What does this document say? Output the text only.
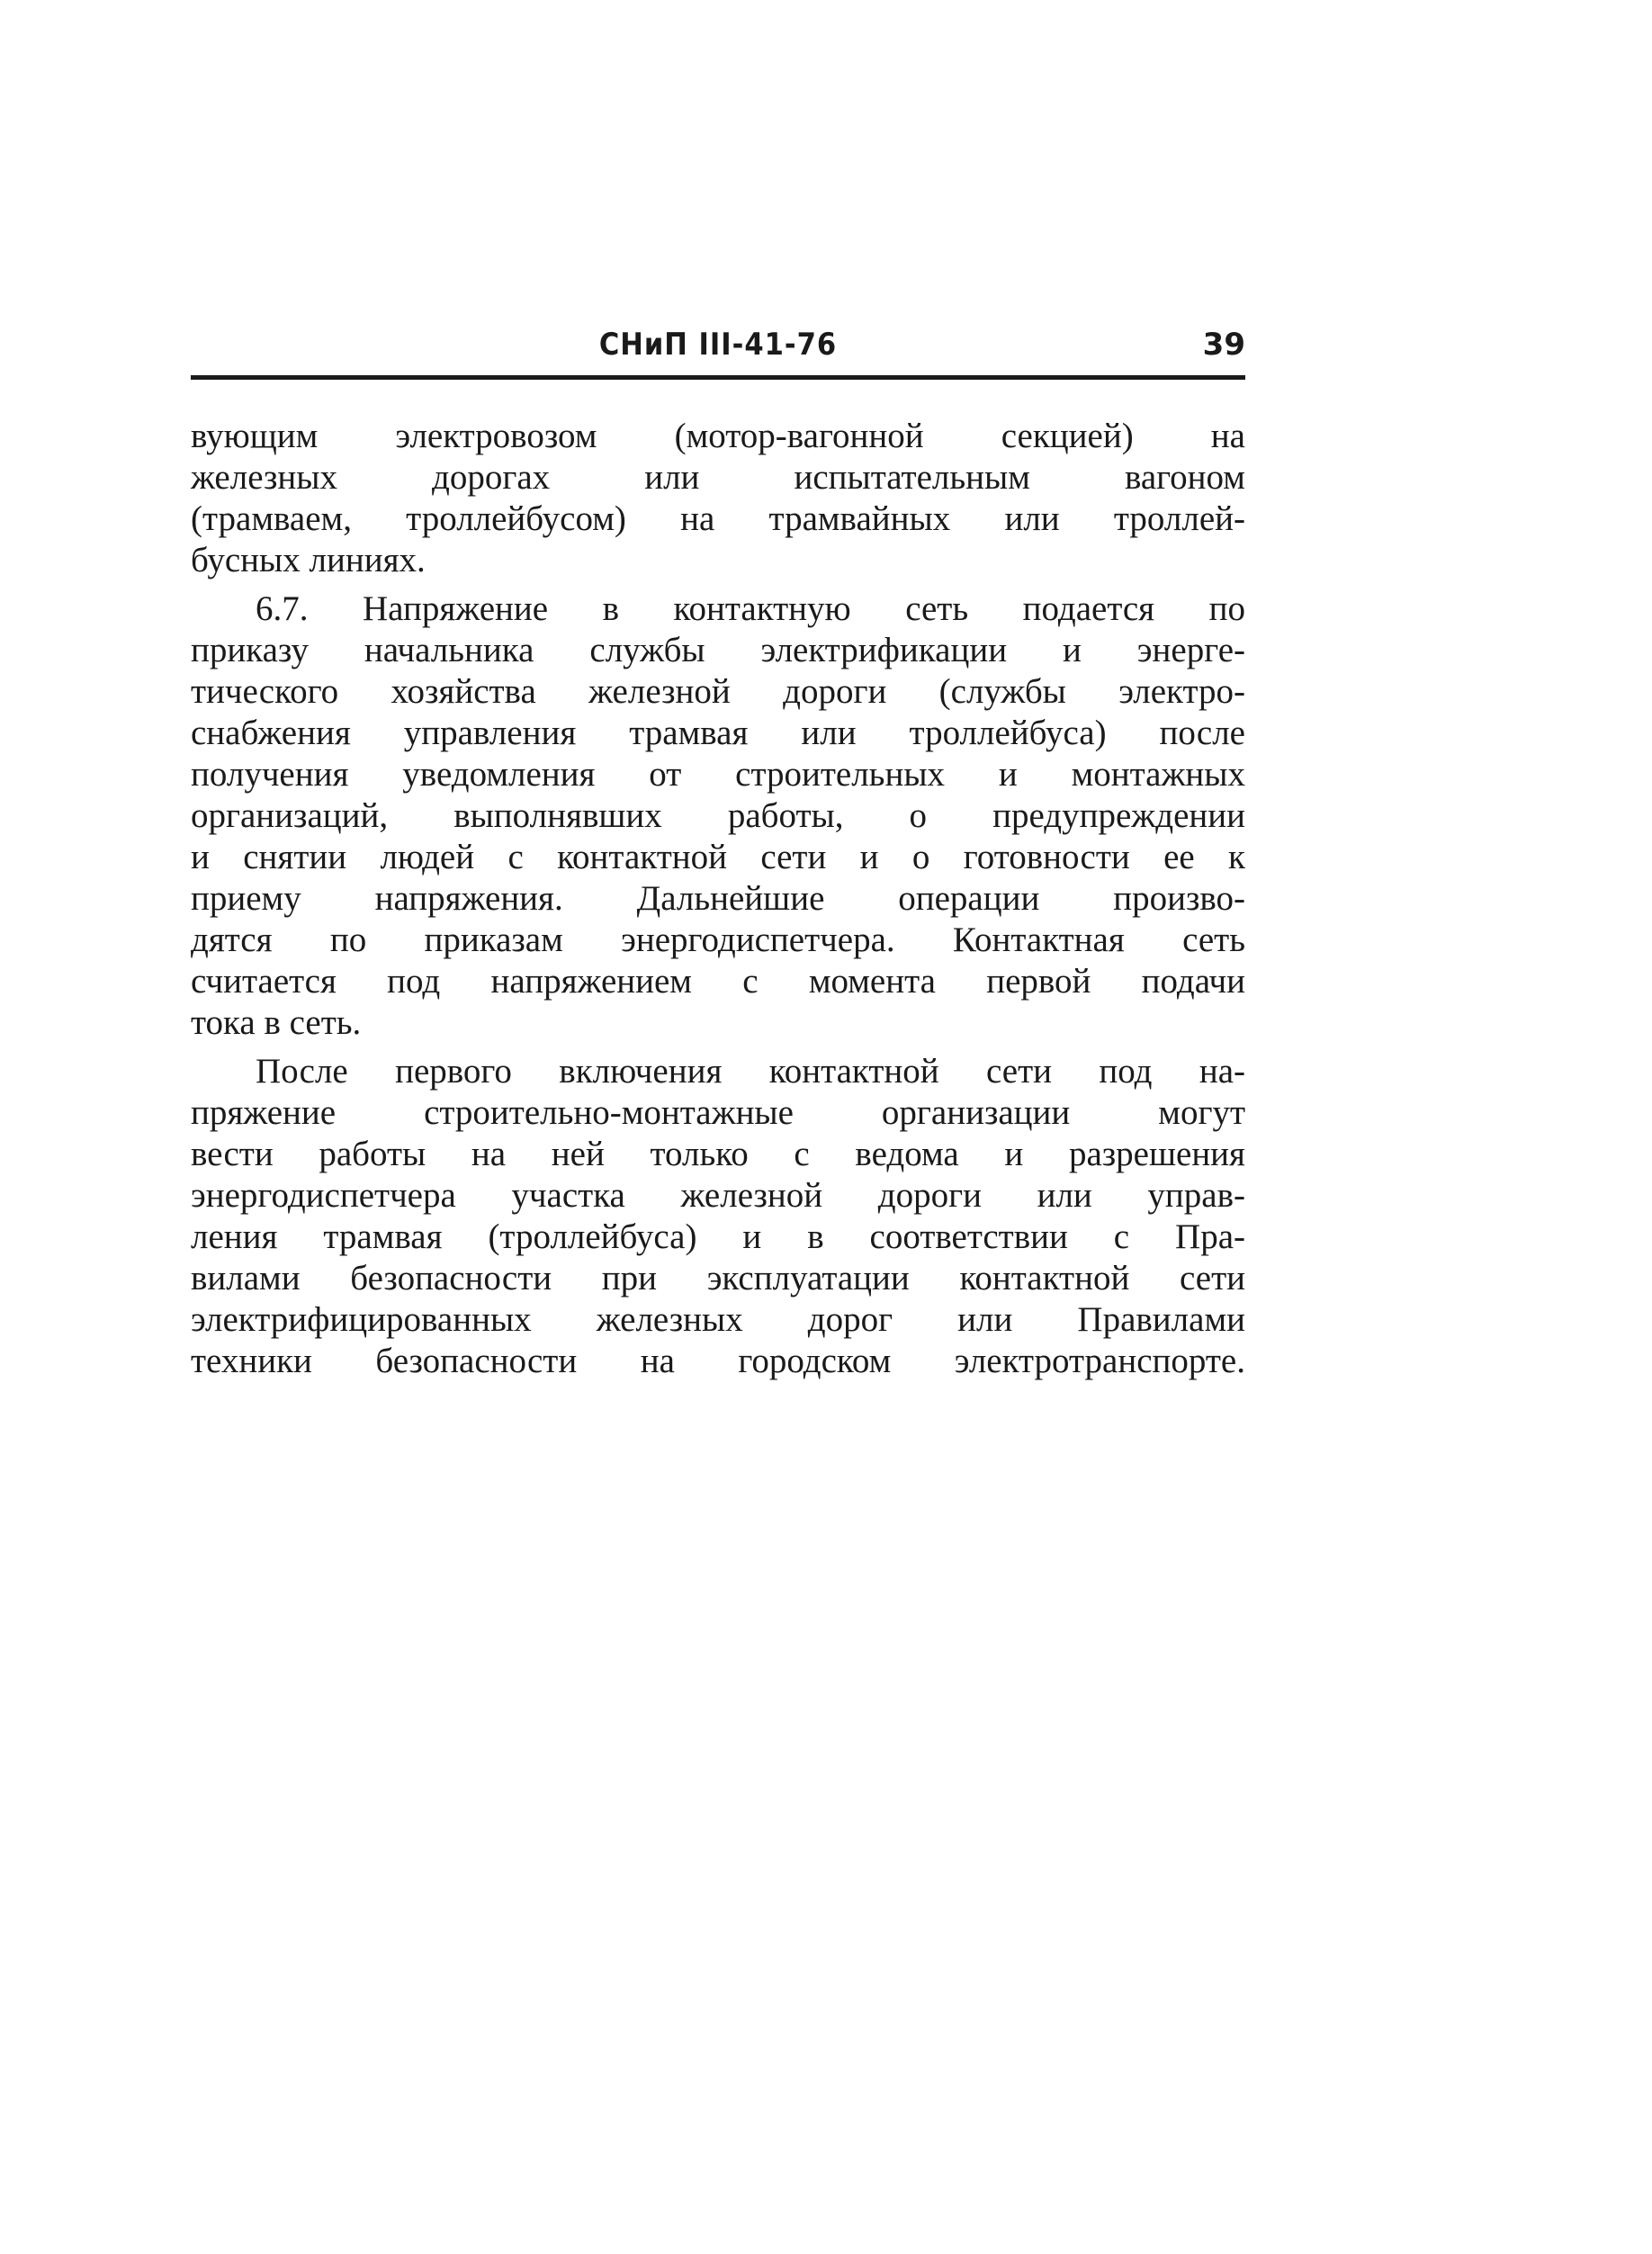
СНиП III-41-76	39

вующим электровозом (мотор-вагонной секцией) на
железных дорогах или испытательным вагоном
(трамваем, троллейбусом) на трамвайных или троллей-
бусных линиях.

6.7. Напряжение в контактную сеть подается по
приказу начальника службы электрификации и энерге-
тического хозяйства железной дороги (службы электро-
снабжения управления трамвая или троллейбуса) после
получения уведомления от строительных и монтажных
организаций, выполнявших работы, о предупреждении
и снятии людей с контактной сети и о готовности ее к
приему напряжения. Дальнейшие операции произво-
дятся по приказам энергодиспетчера. Контактная сеть
считается под напряжением с момента первой подачи
тока в сеть.

После первого включения контактной сети под на-
пряжение строительно-монтажные организации могут
вести работы на ней только с ведома и разрешения
энергодиспетчера участка железной дороги или управ-
ления трамвая (троллейбуса) и в соответствии с Пра-
вилами безопасности при эксплуатации контактной сети
электрифицированных железных дорог или Правилами
техники безопасности на городском электротранспорте.
